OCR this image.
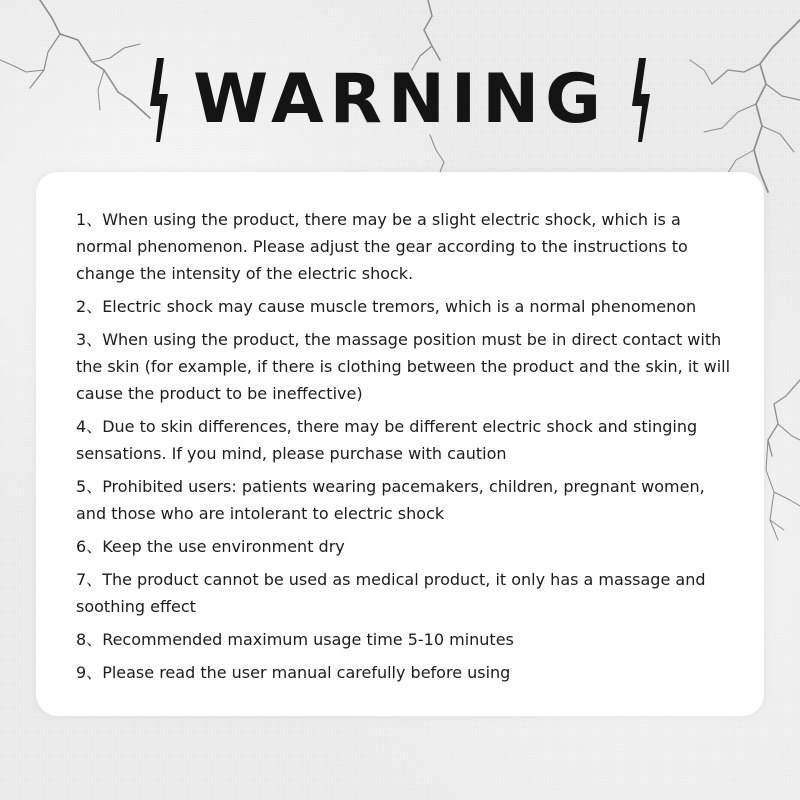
WARNING
1、When using the product, there may be a slight electric shock, which is a normal phenomenon. Please adjust the gear according to the instructions to change the intensity of the electric shock.
2、Electric shock may cause muscle tremors, which is a normal phenomenon
3、When using the product, the massage position must be in direct contact with the skin (for example, if there is clothing between the product and the skin, it will cause the product to be ineffective)
4、Due to skin differences, there may be different electric shock and stinging sensations. If you mind, please purchase with caution
5、Prohibited users: patients wearing pacemakers, children, pregnant women, and those who are intolerant to electric shock
6、Keep the use environment dry
7、The product cannot be used as medical product, it only has a massage and soothing effect
8、Recommended maximum usage time 5-10 minutes
9、Please read the user manual carefully before using
